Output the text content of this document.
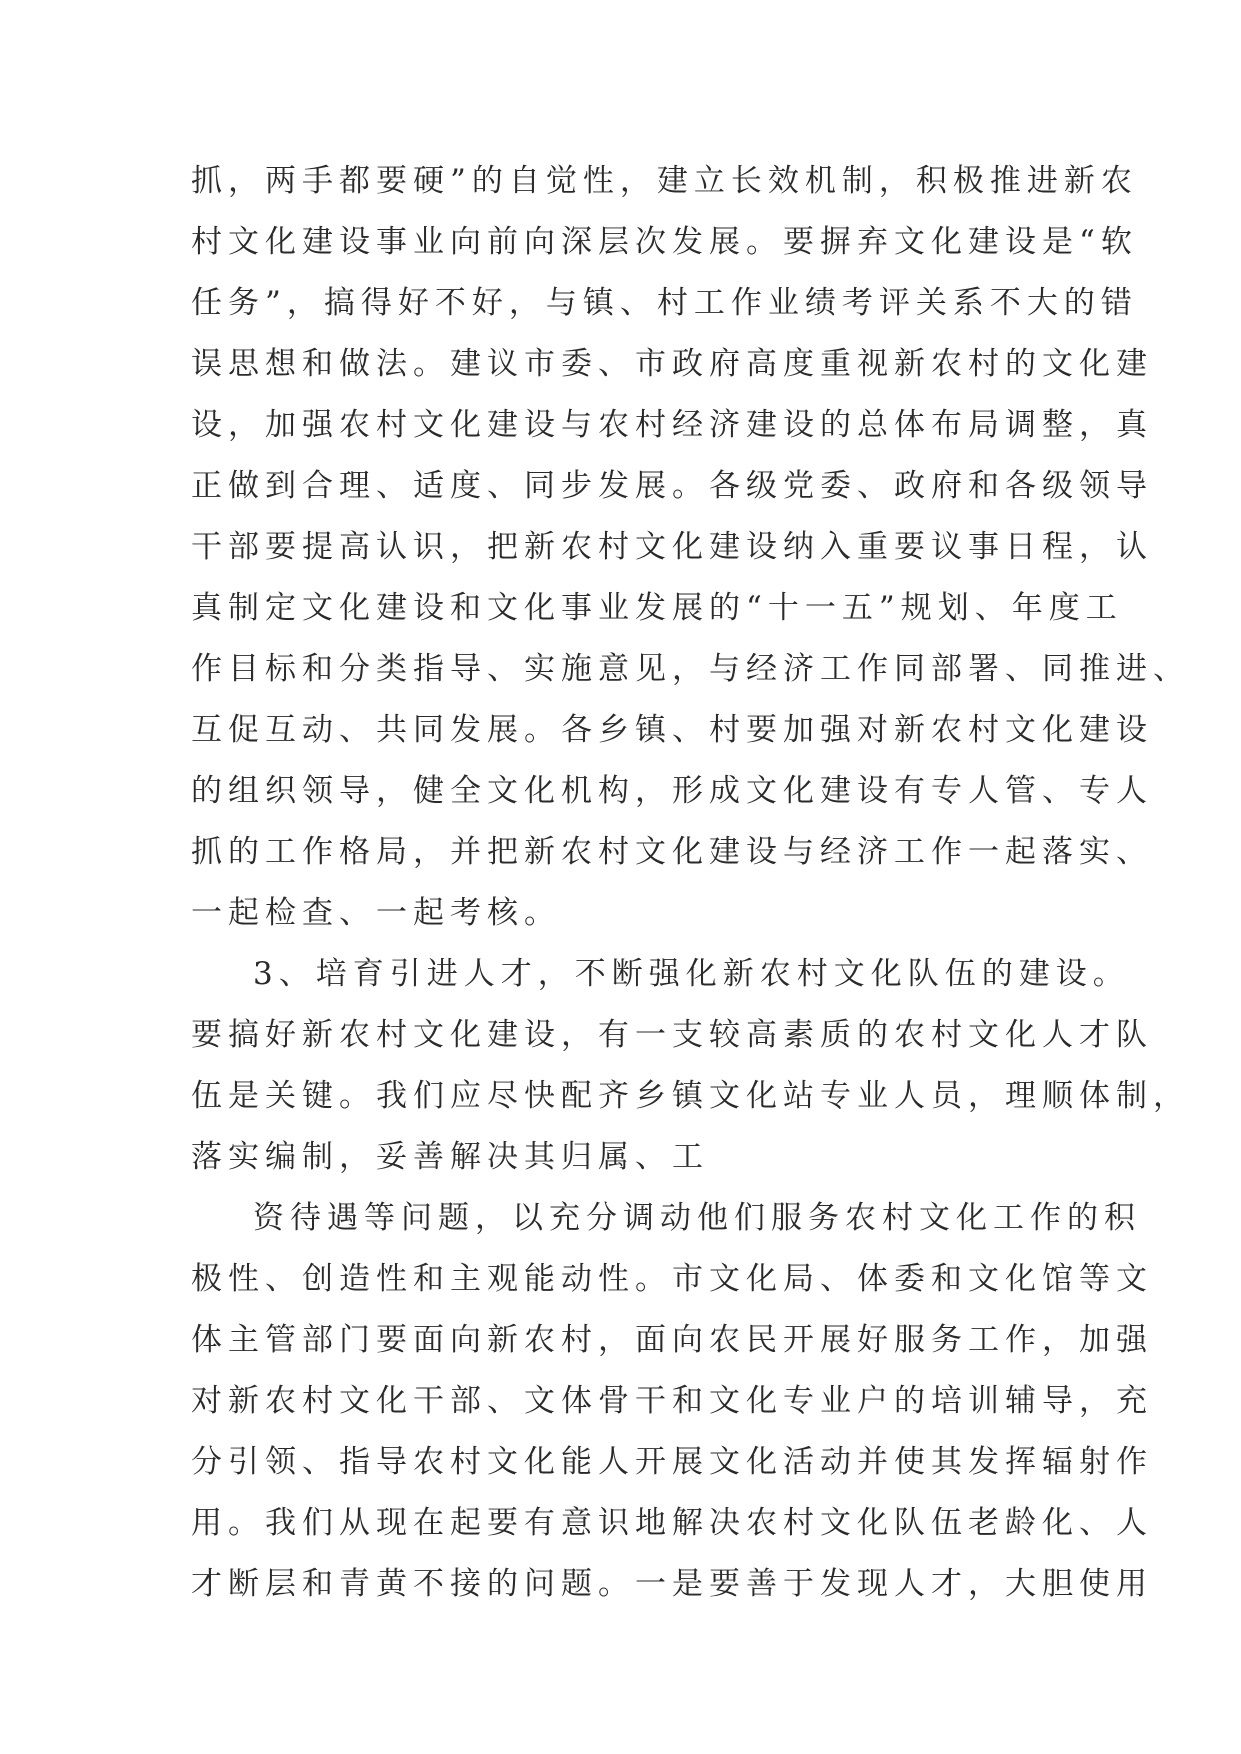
抓，两手都要硬”的自觉性，建立长效机制，积极推进新农
村文化建设事业向前向深层次发展。要摒弃文化建设是“软
任务”，搞得好不好，与镇、村工作业绩考评关系不大的错
误思想和做法。建议市委、市政府高度重视新农村的文化建
设，加强农村文化建设与农村经济建设的总体布局调整，真
正做到合理、适度、同步发展。各级党委、政府和各级领导
干部要提高认识，把新农村文化建设纳入重要议事日程，认
真制定文化建设和文化事业发展的“十一五”规划、年度工
作目标和分类指导、实施意见，与经济工作同部署、同推进、
互促互动、共同发展。各乡镇、村要加强对新农村文化建设
的组织领导，健全文化机构，形成文化建设有专人管、专人
抓的工作格局，并把新农村文化建设与经济工作一起落实、
一起检查、一起考核。
3、培育引进人才，不断强化新农村文化队伍的建设。
要搞好新农村文化建设，有一支较高素质的农村文化人才队
伍是关键。我们应尽快配齐乡镇文化站专业人员，理顺体制，
落实编制，妥善解决其归属、工
资待遇等问题，以充分调动他们服务农村文化工作的积
极性、创造性和主观能动性。市文化局、体委和文化馆等文
体主管部门要面向新农村，面向农民开展好服务工作，加强
对新农村文化干部、文体骨干和文化专业户的培训辅导，充
分引领、指导农村文化能人开展文化活动并使其发挥辐射作
用。我们从现在起要有意识地解决农村文化队伍老龄化、人
才断层和青黄不接的问题。一是要善于发现人才，大胆使用
